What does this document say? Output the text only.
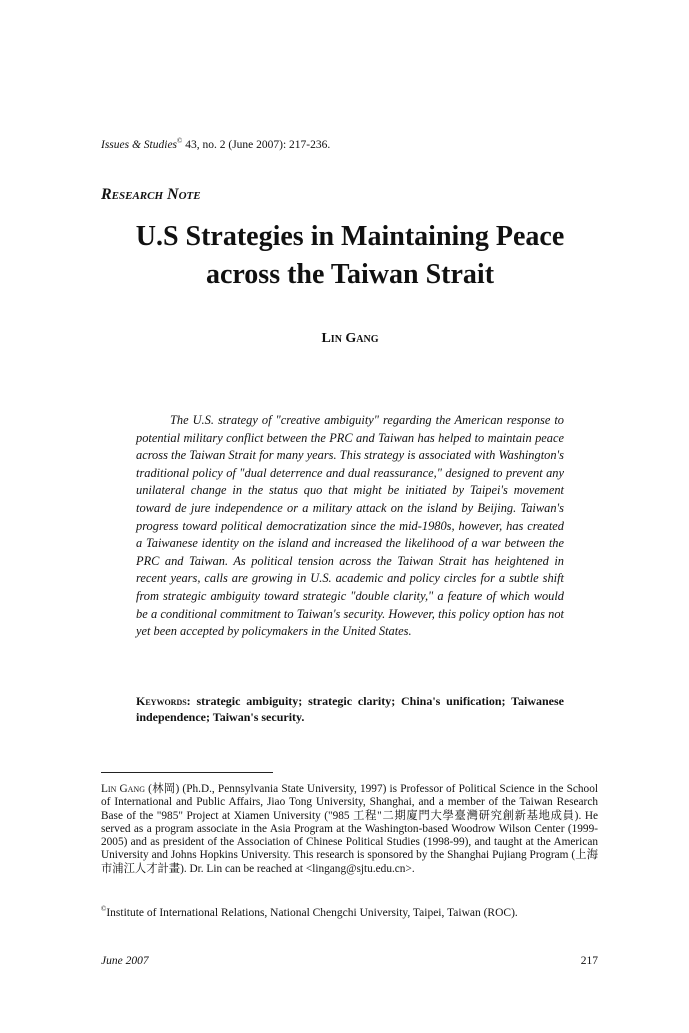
Issues & Studies© 43, no. 2 (June 2007): 217-236.
Research Note
U.S Strategies in Maintaining Peace
across the Taiwan Strait
Lin Gang

The U.S. strategy of "creative ambiguity" regarding the American response to potential military conflict between the PRC and Taiwan has helped to maintain peace across the Taiwan Strait for many years. This strategy is associated with Washington's traditional policy of "dual deterrence and dual reassurance," designed to prevent any unilateral change in the status quo that might be initiated by Taipei's movement toward de jure independence or a military attack on the island by Beijing. Taiwan's progress toward political democratization since the mid-1980s, however, has created a Taiwanese identity on the island and increased the likelihood of a war between the PRC and Taiwan. As political tension across the Taiwan Strait has heightened in recent years, calls are growing in U.S. academic and policy circles for a subtle shift from strategic ambiguity toward strategic "double clarity," a feature of which would be a conditional commitment to Taiwan's security. However, this policy option has not yet been accepted by policymakers in the United States.

Keywords: strategic ambiguity; strategic clarity; China's unification; Taiwanese independence; Taiwan's security.
Lin Gang (林岡) (Ph.D., Pennsylvania State University, 1997) is Professor of Political Science in the School of International and Public Affairs, Jiao Tong University, Shanghai, and a member of the Taiwan Research Base of the "985" Project at Xiamen University ("985 工程"二期廈門大學臺灣研究創新基地成員). He served as a program associate in the Asia Program at the Washington-based Woodrow Wilson Center (1999-2005) and as president of the Association of Chinese Political Studies (1998-99), and taught at the American University and Johns Hopkins University. This research is sponsored by the Shanghai Pujiang Program (上海市浦江人才計畫). Dr. Lin can be reached at <lingang@sjtu.edu.cn>.
©Institute of International Relations, National Chengchi University, Taipei, Taiwan (ROC).
June 2007	217
